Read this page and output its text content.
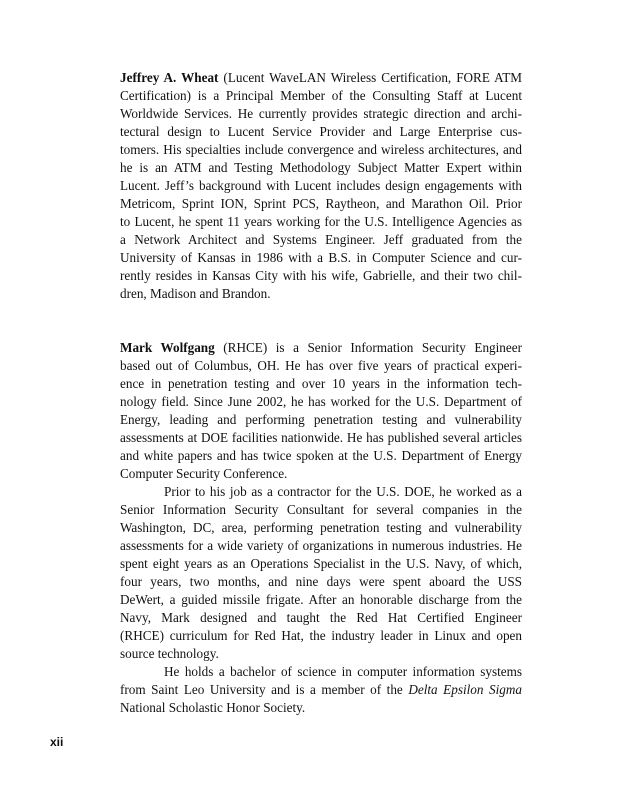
Jeffrey A. Wheat (Lucent WaveLAN Wireless Certification, FORE ATM
Certification) is a Principal Member of the Consulting Staff at Lucent
Worldwide Services. He currently provides strategic direction and archi-
tectural design to Lucent Service Provider and Large Enterprise cus-
tomers. His specialties include convergence and wireless architectures, and
he is an ATM and Testing Methodology Subject Matter Expert within
Lucent. Jeff’s background with Lucent includes design engagements with
Metricom, Sprint ION, Sprint PCS, Raytheon, and Marathon Oil. Prior
to Lucent, he spent 11 years working for the U.S. Intelligence Agencies as
a Network Architect and Systems Engineer. Jeff graduated from the
University of Kansas in 1986 with a B.S. in Computer Science and cur-
rently resides in Kansas City with his wife, Gabrielle, and their two chil-
dren, Madison and Brandon.
Mark Wolfgang (RHCE) is a Senior Information Security Engineer
based out of Columbus, OH. He has over five years of practical experi-
ence in penetration testing and over 10 years in the information tech-
nology field. Since June 2002, he has worked for the U.S. Department of
Energy, leading and performing penetration testing and vulnerability
assessments at DOE facilities nationwide. He has published several articles
and white papers and has twice spoken at the U.S. Department of Energy
Computer Security Conference.
Prior to his job as a contractor for the U.S. DOE, he worked as a
Senior Information Security Consultant for several companies in the
Washington, DC, area, performing penetration testing and vulnerability
assessments for a wide variety of organizations in numerous industries. He
spent eight years as an Operations Specialist in the U.S. Navy, of which,
four years, two months, and nine days were spent aboard the USS
DeWert, a guided missile frigate. After an honorable discharge from the
Navy, Mark designed and taught the Red Hat Certified Engineer
(RHCE) curriculum for Red Hat, the industry leader in Linux and open
source technology.
He holds a bachelor of science in computer information systems
from Saint Leo University and is a member of the Delta Epsilon Sigma
National Scholastic Honor Society.
xii
